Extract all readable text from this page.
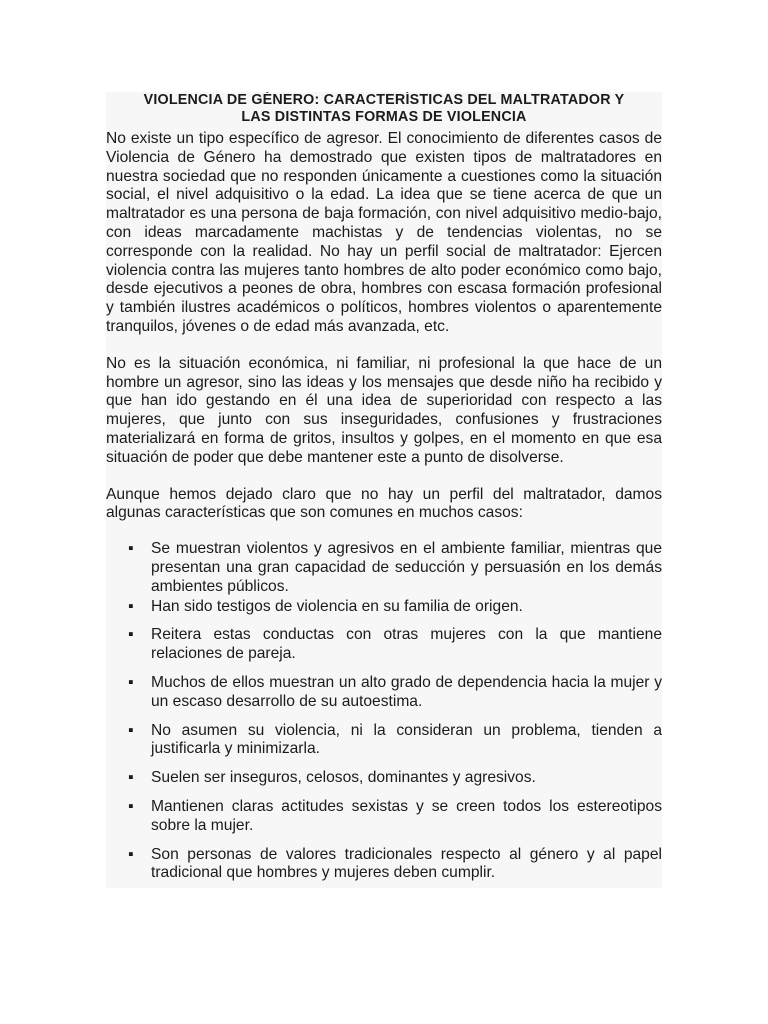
VIOLENCIA DE GÉNERO: CARACTERÍSTICAS DEL MALTRATADOR Y
LAS DISTINTAS FORMAS DE VIOLENCIA

No existe un tipo específico de agresor. El conocimiento de diferentes casos de Violencia de Género ha demostrado que existen tipos de maltratadores en nuestra sociedad que no responden únicamente a cuestiones como la situación social, el nivel adquisitivo o la edad. La idea que se tiene acerca de que un maltratador es una persona de baja formación, con nivel adquisitivo medio-bajo, con ideas marcadamente machistas y de tendencias violentas, no se corresponde con la realidad. No hay un perfil social de maltratador: Ejercen violencia contra las mujeres tanto hombres de alto poder económico como bajo, desde ejecutivos a peones de obra, hombres con escasa formación profesional y también ilustres académicos o políticos, hombres violentos o aparentemente tranquilos, jóvenes o de edad más avanzada, etc.

No es la situación económica, ni familiar, ni profesional la que hace de un hombre un agresor, sino las ideas y los mensajes que desde niño ha recibido y que han ido gestando en él una idea de superioridad con respecto a las mujeres, que junto con sus inseguridades, confusiones y frustraciones materializará en forma de gritos, insultos y golpes, en el momento en que esa situación de poder que debe mantener este a punto de disolverse.

Aunque hemos dejado claro que no hay un perfil del maltratador, damos algunas características que son comunes en muchos casos:

▪ Se muestran violentos y agresivos en el ambiente familiar, mientras que presentan una gran capacidad de seducción y persuasión en los demás ambientes públicos.
▪ Han sido testigos de violencia en su familia de origen.
▪ Reitera estas conductas con otras mujeres con la que mantiene relaciones de pareja.
▪ Muchos de ellos muestran un alto grado de dependencia hacia la mujer y un escaso desarrollo de su autoestima.
▪ No asumen su violencia, ni la consideran un problema, tienden a justificarla y minimizarla.
▪ Suelen ser inseguros, celosos, dominantes y agresivos.
▪ Mantienen claras actitudes sexistas y se creen todos los estereotipos sobre la mujer.
▪ Son personas de valores tradicionales respecto al género y al papel tradicional que hombres y mujeres deben cumplir.
